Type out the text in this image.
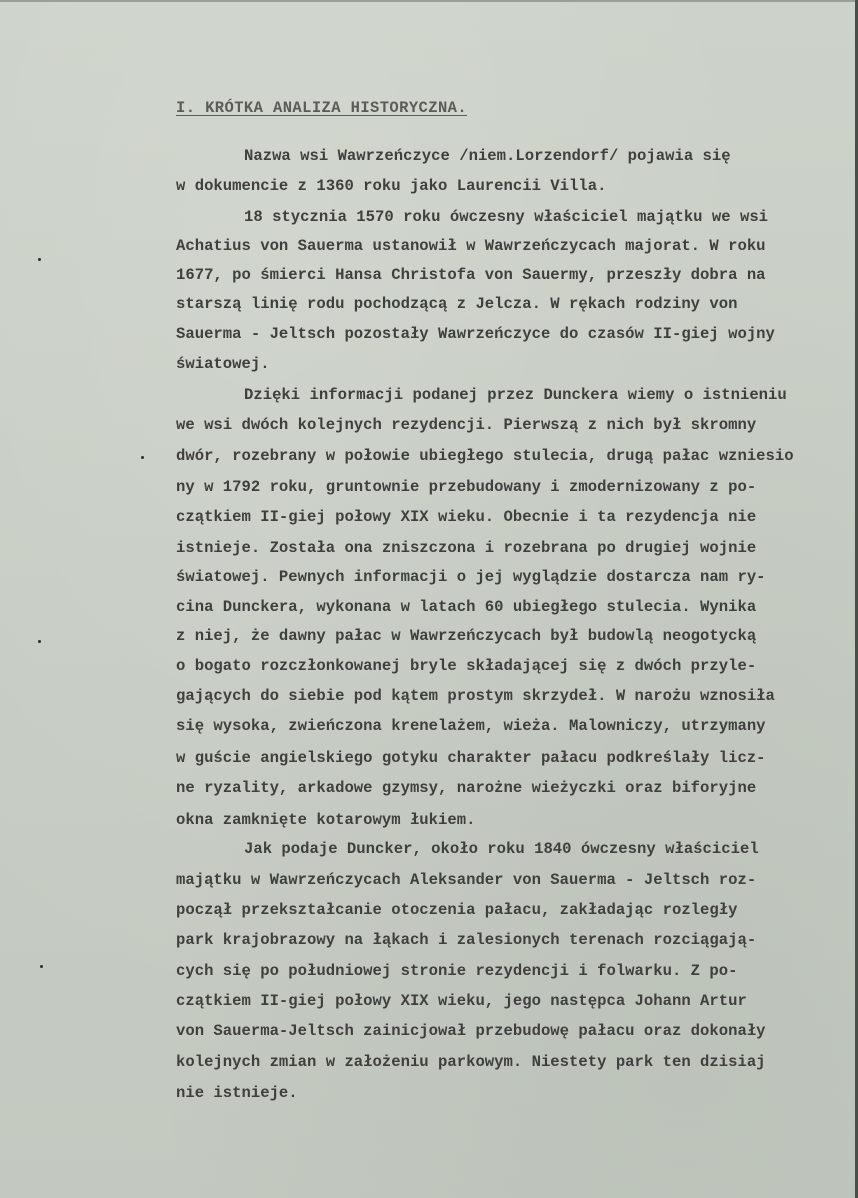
I. KRÓTKA ANALIZA HISTORYCZNA.
Nazwa wsi Wawrzeńczyce /niem.Lorzendorf/ pojawia się
w dokumencie z 1360 roku jako Laurencii Villa.
18 stycznia 1570 roku ówczesny właściciel majątku we wsi
Achatius von Sauerma ustanowił w Wawrzeńczycach majorat. W roku
1677, po śmierci Hansa Christofa von Sauermy, przeszły dobra na
starszą linię rodu pochodzącą z Jelcza. W rękach rodziny von
Sauerma - Jeltsch pozostały Wawrzeńczyce do czasów II-giej wojny
światowej.
Dzięki informacji podanej przez Dunckera wiemy o istnieniu
we wsi dwóch kolejnych rezydencji. Pierwszą z nich był skromny
dwór, rozebrany w połowie ubiegłego stulecia, drugą pałac wzniesio
ny w 1792 roku, gruntownie przebudowany i zmodernizowany z po-
czątkiem II-giej połowy XIX wieku. Obecnie i ta rezydencja nie
istnieje. Została ona zniszczona i rozebrana po drugiej wojnie
światowej. Pewnych informacji o jej wyglądzie dostarcza nam ry-
cina Dunckera, wykonana w latach 60 ubiegłego stulecia. Wynika
z niej, że dawny pałac w Wawrzeńczycach był budowlą neogotycką
o bogato rozczłonkowanej bryle składającej się z dwóch przyle-
gających do siebie pod kątem prostym skrzydeł. W narożu wznosiła
się wysoka, zwieńczona krenelażem, wieża. Malowniczy, utrzymany
w guście angielskiego gotyku charakter pałacu podkreślały licz-
ne ryzality, arkadowe gzymsy, narożne wieżyczki oraz biforyjne
okna zamknięte kotarowym łukiem.
Jak podaje Duncker, około roku 1840 ówczesny właściciel
majątku w Wawrzeńczycach Aleksander von Sauerma - Jeltsch roz-
począł przekształcanie otoczenia pałacu, zakładając rozległy
park krajobrazowy na łąkach i zalesionych terenach rozciągają-
cych się po południowej stronie rezydencji i folwarku. Z po-
czątkiem II-giej połowy XIX wieku, jego następca Johann Artur
von Sauerma-Jeltsch zainicjował przebudowę pałacu oraz dokonały
kolejnych zmian w założeniu parkowym. Niestety park ten dzisiaj
nie istnieje.
